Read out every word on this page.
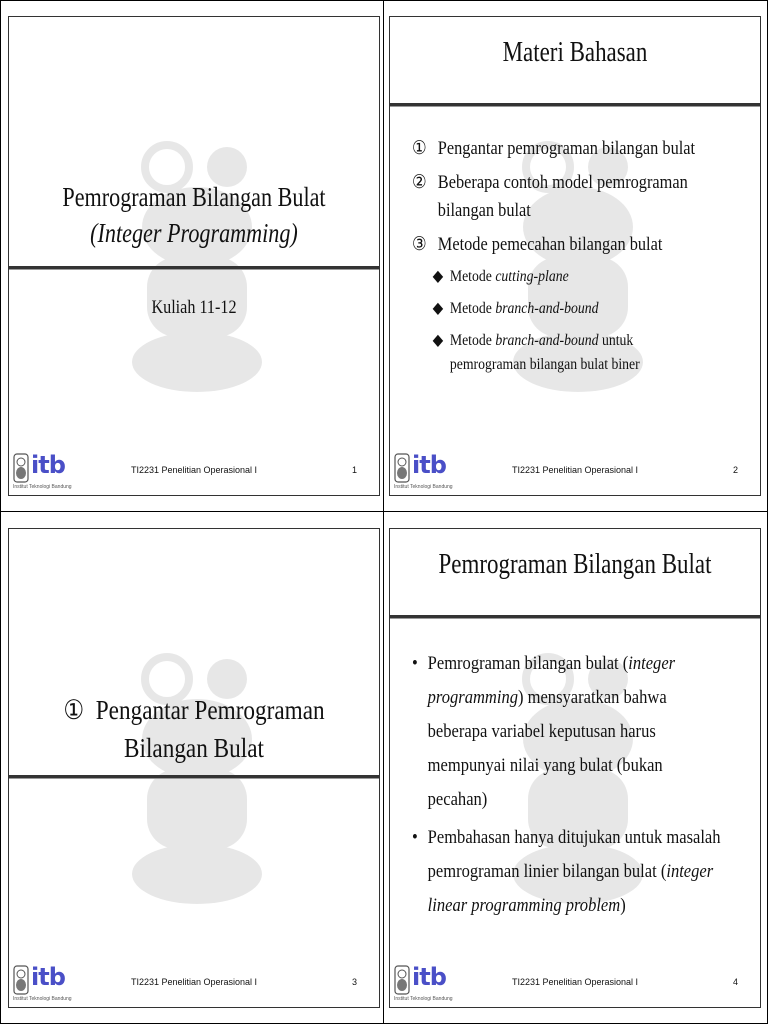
Pemrograman Bilangan Bulat
(Integer Programming)
Kuliah 11-12
itb
Institut Teknologi Bandung
TI2231 Penelitian Operasional I	1
Materi Bahasan
① Pengantar pemrograman bilangan bulat
② Beberapa contoh model pemrograman bilangan bulat
③ Metode pemecahan bilangan bulat
◆ Metode cutting-plane
◆ Metode branch-and-bound
◆ Metode branch-and-bound untuk pemrograman bilangan bulat biner
itb
Institut Teknologi Bandung
TI2231 Penelitian Operasional I	2
① Pengantar Pemrograman Bilangan Bulat
itb
Institut Teknologi Bandung
TI2231 Penelitian Operasional I	3
Pemrograman Bilangan Bulat
• Pemrograman bilangan bulat (integer programming) mensyaratkan bahwa beberapa variabel keputusan harus mempunyai nilai yang bulat (bukan pecahan)
• Pembahasan hanya ditujukan untuk masalah pemrograman linier bilangan bulat (integer linear programming problem)
itb
Institut Teknologi Bandung
TI2231 Penelitian Operasional I	4
